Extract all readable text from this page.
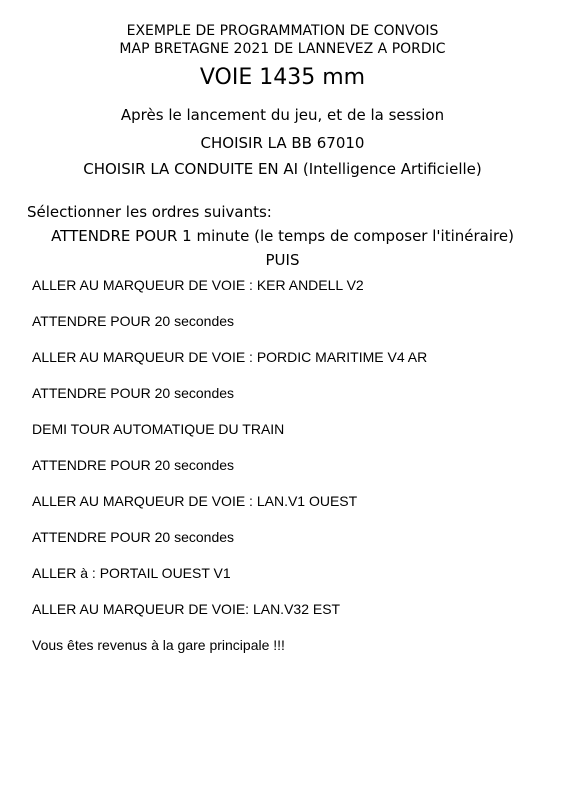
EXEMPLE DE PROGRAMMATION DE CONVOIS
MAP BRETAGNE 2021 DE LANNEVEZ A PORDIC
VOIE 1435 mm
Après le lancement du jeu, et de la session
CHOISIR LA BB 67010
CHOISIR LA CONDUITE EN AI (Intelligence Artificielle)
Sélectionner les ordres suivants:
ATTENDRE POUR 1 minute (le temps de composer l'itinéraire)
PUIS
ALLER AU MARQUEUR DE VOIE : KER ANDELL V2
ATTENDRE POUR 20 secondes
ALLER AU MARQUEUR DE VOIE : PORDIC MARITIME V4 AR
ATTENDRE POUR 20 secondes
DEMI TOUR AUTOMATIQUE DU TRAIN
ATTENDRE POUR 20 secondes
ALLER AU MARQUEUR DE VOIE : LAN.V1 OUEST
ATTENDRE POUR 20 secondes
ALLER à : PORTAIL OUEST V1
ALLER AU MARQUEUR DE VOIE: LAN.V32 EST
Vous êtes revenus à la gare principale !!!
